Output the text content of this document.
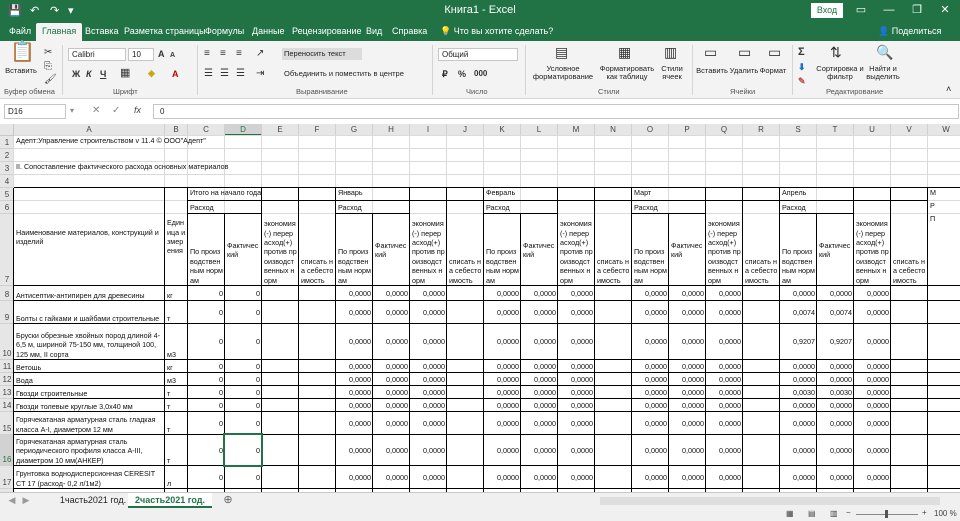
💾 ↶ ↷ ▾	Книга1 - Excel	Вход	▭	—	❐	✕
Файл	Главная Вставка Разметка страницы Формулы Данные Рецензирование Вид Справка 💡 Что вы хотите сделать?	👤 Поделиться
📋
Вставить
✂
⎘
🖌
Буфер обмена
Calibri	10	A A
Ж К Ч ▦ ◈ A
Шрифт
≡ ≡ ≡ ↗
☰ ☰ ☰ ⇥
Переносить текст
Объединить и поместить в центре
Выравнивание
Общий
₽ % 000
Число
▤
Условное форматирование
▦
Форматировать как таблицу
▥
Стили ячеек
Стили
▭
Вставить
▭
Удалить
▭
Формат
Ячейки
Σ
⬇
✎
⇅
Сортировка и фильтр
🔍
Найти и выделить
Редактирование	˄
D16	▾ ✕ ✓ fx	0
A	B	C	D	E	F	G	H	I	J	K	L	M	N	O	P	Q	R	S	T	U	V	W
1
2
3
4
5
6
7
8
9
10
11
12
13
14
15
16
17
Адепт:Управление строительством v 11.4 © ООО"Адепт"
II. Сопоставление фактического расхода основных материалов
Итого на начало года	Январь	Февраль	Март	Апрель	М
Наименование материалов, конструкций и изделий
Единица измерения
Расход	Расход	Расход	Расход	Расход
экономия(-) перерасход(+) против производственных норм
экономия(-) перерасход(+) против производственных норм
экономия(-) перерасход(+) против производственных норм
экономия(-) перерасход(+) против производственных норм
экономия(-) перерасход(+) против производственных норм
списать на себестоимость
списать на себестоимость
списать на себестоимость
списать на себестоимость
списать на себестоимость
Р
По производственным нормам
По производственным нормам
По производственным нормам
По производственным нормам
По производственным нормам
Фактический
Фактический
Фактический
Фактический
Фактический
П
Антисептик-антипирен для древесины	кг	0	0	0,0000	0,0000	0,0000	0,0000	0,0000	0,0000	0,0000	0,0000	0,0000	0,0000	0,0000	0,0000
Болты с гайками и шайбами строительные	т
0	0	0,0000	0,0000	0,0000	0,0000	0,0000	0,0000	0,0000	0,0000	0,0000	0,0074	0,0074	0,0000
Бруски обрезные хвойных пород длиной 4-6,5 м, шириной 75-150 мм, толщиной 100, 125 мм, II сорта	м3
0	0	0,0000	0,0000	0,0000	0,0000	0,0000	0,0000	0,0000	0,0000	0,0000	0,9207	0,9207	0,0000
Ветошь	кг	0	0	0,0000	0,0000	0,0000	0,0000	0,0000	0,0000	0,0000	0,0000	0,0000	0,0000	0,0000	0,0000
Вода	м3	0	0	0,0000	0,0000	0,0000	0,0000	0,0000	0,0000	0,0000	0,0000	0,0000	0,0000	0,0000	0,0000
Гвозди строительные	т	0	0	0,0000	0,0000	0,0000	0,0000	0,0000	0,0000	0,0000	0,0000	0,0000	0,0030	0,0030	0,0000
Гвозди толевые круглые 3,0х40 мм	т	0	0	0,0000	0,0000	0,0000	0,0000	0,0000	0,0000	0,0000	0,0000	0,0000	0,0000	0,0000	0,0000
Горячекатаная арматурная сталь гладкая класса А-I, диаметром 12 мм	т
0	0	0,0000	0,0000	0,0000	0,0000	0,0000	0,0000	0,0000	0,0000	0,0000	0,0000	0,0000	0,0000
Горячекатаная арматурная сталь периодического профиля класса А-III, диаметром 10 мм(АНКЕР)	т
0	0	0,0000	0,0000	0,0000	0,0000	0,0000	0,0000	0,0000	0,0000	0,0000	0,0000	0,0000	0,0000
Грунтовка воднодисперсионная CERESIT CT 17 (расход- 0,2 л/1м2)	л
0	0	0,0000	0,0000	0,0000	0,0000	0,0000	0,0000	0,0000	0,0000	0,0000	0,0000	0,0000	0,0000
◀ ▶	1часть2021 год. 2часть2021 год.	⊕
▦ ▤ ▥ −	+ 100 %
